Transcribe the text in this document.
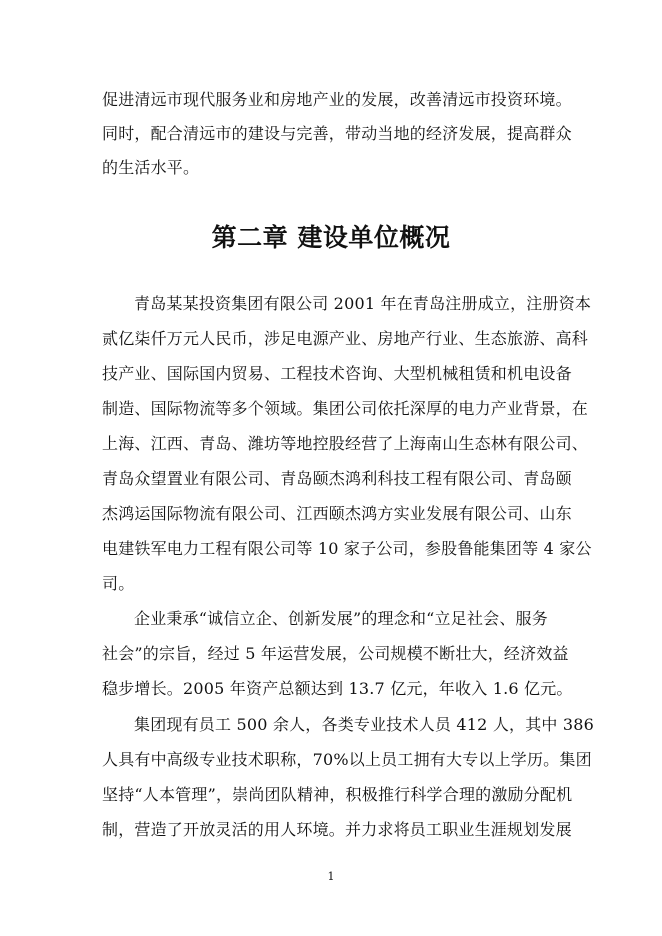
促进清远市现代服务业和房地产业的发展，改善清远市投资环境。
同时，配合清远市的建设与完善，带动当地的经济发展，提高群众
的生活水平。
第二章 建设单位概况
青岛某某投资集团有限公司 2001 年在青岛注册成立，注册资本
贰亿柒仟万元人民币，涉足电源产业、房地产行业、生态旅游、高科
技产业、国际国内贸易、工程技术咨询、大型机械租赁和机电设备
制造、国际物流等多个领域。集团公司依托深厚的电力产业背景，在
上海、江西、青岛、潍坊等地控股经营了上海南山生态林有限公司、
青岛众望置业有限公司、青岛颐杰鸿利科技工程有限公司、青岛颐
杰鸿运国际物流有限公司、江西颐杰鸿方实业发展有限公司、山东
电建铁军电力工程有限公司等 10 家子公司，参股鲁能集团等 4 家公
司。
企业秉承“诚信立企、创新发展”的理念和“立足社会、服务
社会”的宗旨，经过 5 年运营发展，公司规模不断壮大，经济效益
稳步增长。2005 年资产总额达到 13.7 亿元，年收入 1.6 亿元。
集团现有员工 500 余人，各类专业技术人员 412 人，其中 386
人具有中高级专业技术职称，70%以上员工拥有大专以上学历。集团
坚持“人本管理”，崇尚团队精神，积极推行科学合理的激励分配机
制，营造了开放灵活的用人环境。并力求将员工职业生涯规划发展
1
